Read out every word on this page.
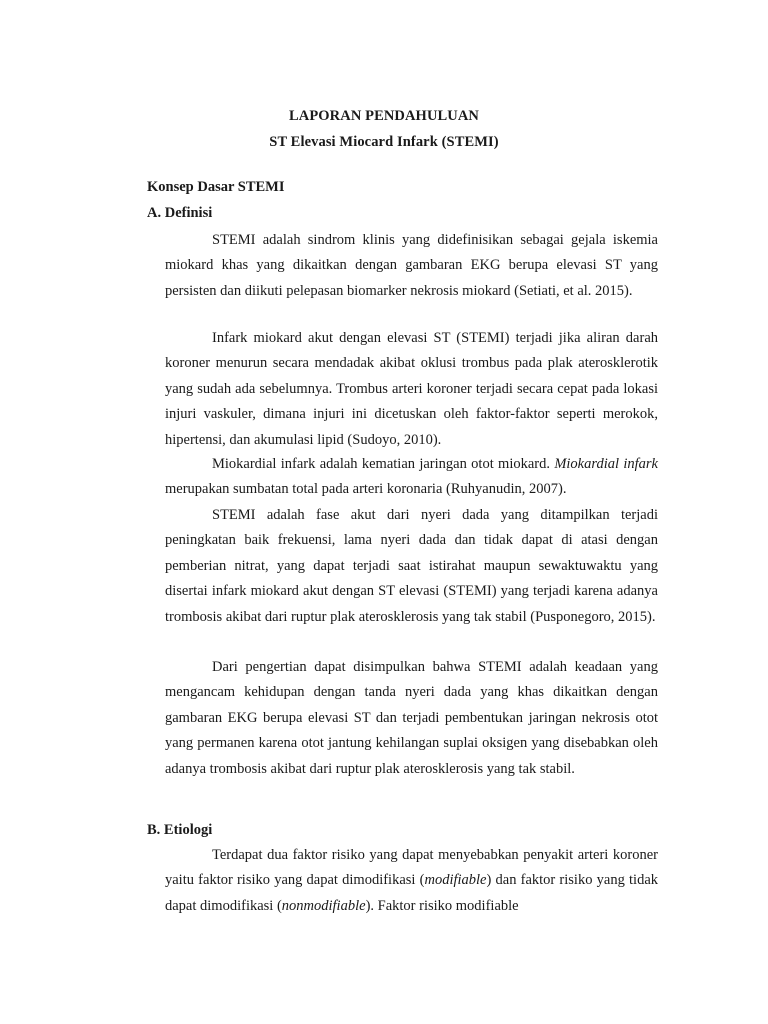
LAPORAN PENDAHULUAN
ST Elevasi Miocard Infark (STEMI)
Konsep Dasar STEMI
A. Definisi

STEMI adalah sindrom klinis yang didefinisikan sebagai gejala iskemia miokard khas yang dikaitkan dengan gambaran EKG berupa elevasi ST yang persisten dan diikuti pelepasan biomarker nekrosis miokard (Setiati, et al. 2015).

Infark miokard akut dengan elevasi ST (STEMI) terjadi jika aliran darah koroner menurun secara mendadak akibat oklusi trombus pada plak aterosklerotik yang sudah ada sebelumnya. Trombus arteri koroner terjadi secara cepat pada lokasi injuri vaskuler, dimana injuri ini dicetuskan oleh faktor-faktor seperti merokok, hipertensi, dan akumulasi lipid (Sudoyo, 2010).

Miokardial infark adalah kematian jaringan otot miokard. Miokardial infark merupakan sumbatan total pada arteri koronaria (Ruhyanudin, 2007).

STEMI adalah fase akut dari nyeri dada yang ditampilkan terjadi peningkatan baik frekuensi, lama nyeri dada dan tidak dapat di atasi dengan pemberian nitrat, yang dapat terjadi saat istirahat maupun sewaktuwaktu yang disertai infark miokard akut dengan ST elevasi (STEMI) yang terjadi karena adanya trombosis akibat dari ruptur plak aterosklerosis yang tak stabil (Pusponegoro, 2015).

Dari pengertian dapat disimpulkan bahwa STEMI adalah keadaan yang mengancam kehidupan dengan tanda nyeri dada yang khas dikaitkan dengan gambaran EKG berupa elevasi ST dan terjadi pembentukan jaringan nekrosis otot yang permanen karena otot jantung kehilangan suplai oksigen yang disebabkan oleh adanya trombosis akibat dari ruptur plak aterosklerosis yang tak stabil.

B. Etiologi

Terdapat dua faktor risiko yang dapat menyebabkan penyakit arteri koroner yaitu faktor risiko yang dapat dimodifikasi (modifiable) dan faktor risiko yang tidak dapat dimodifikasi (nonmodifiable). Faktor risiko modifiable
